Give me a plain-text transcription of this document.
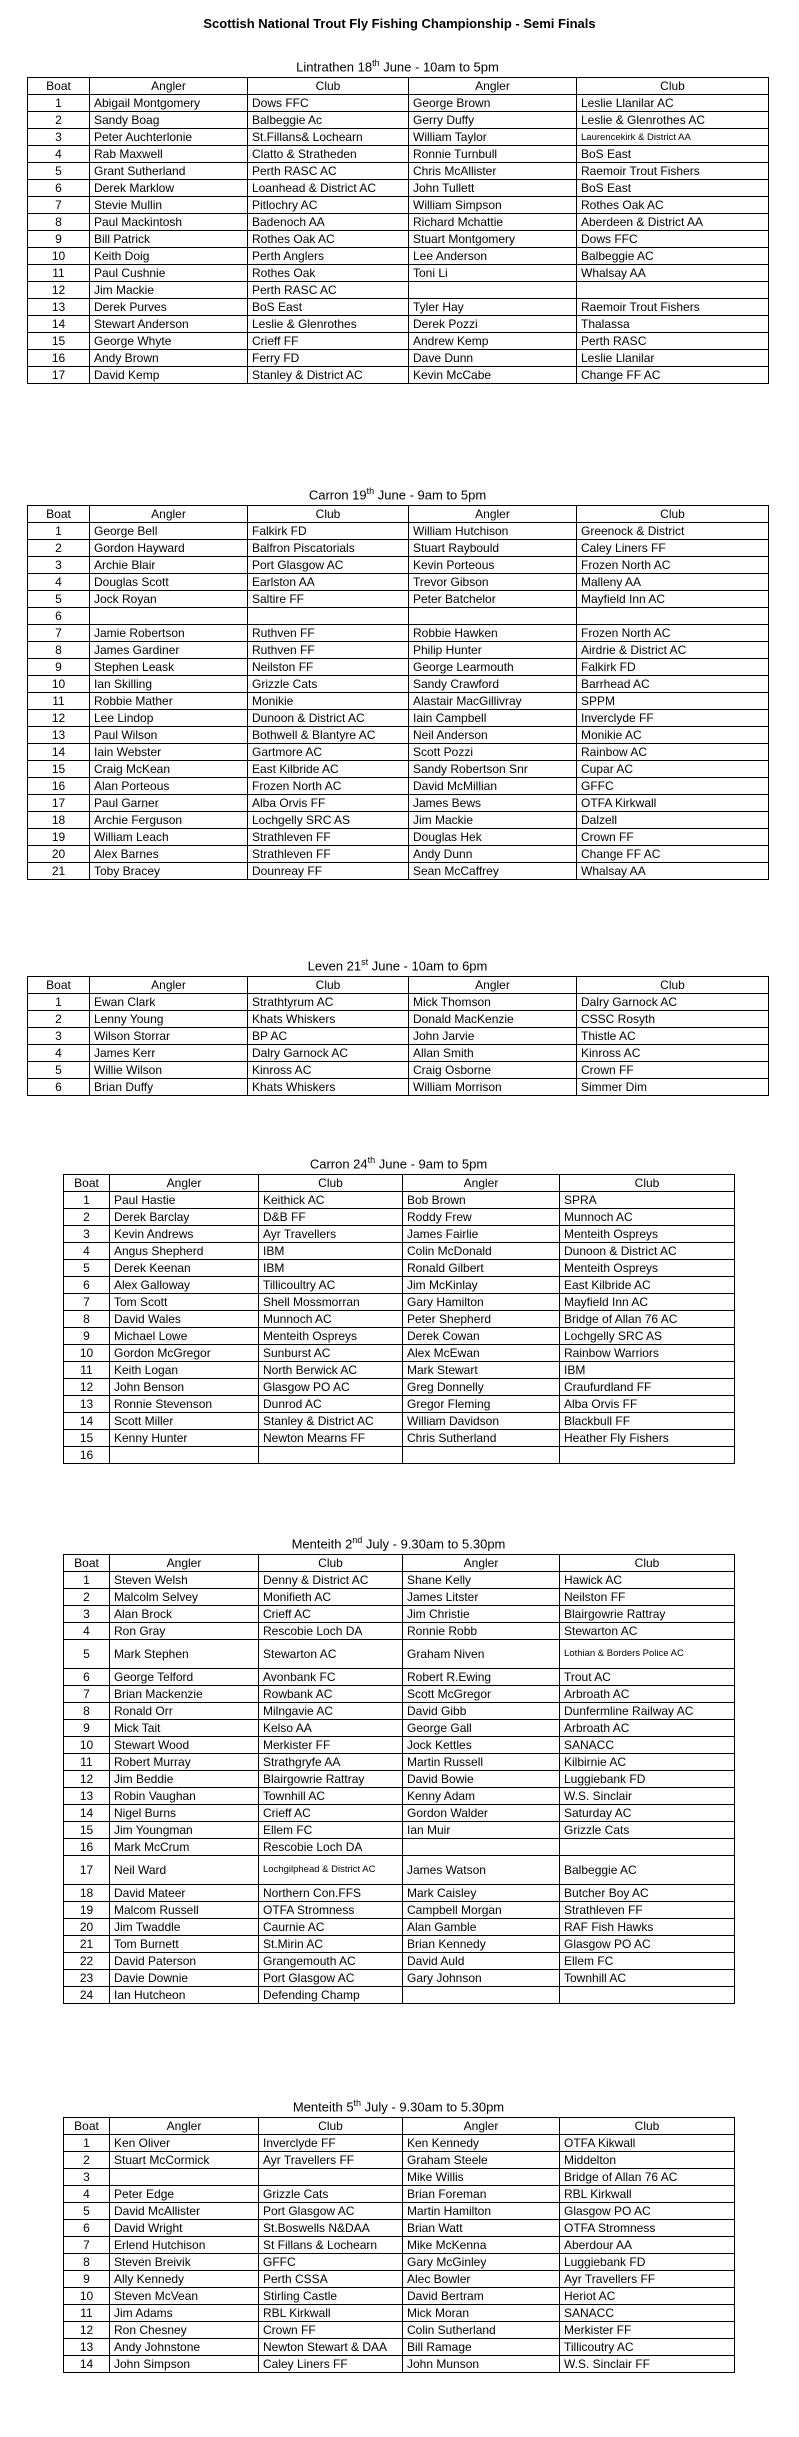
Scottish National Trout Fly Fishing Championship - Semi Finals
Lintrathen 18th June - 10am to 5pm
Boat	Angler	Club	Angler	Club
1	Abigail Montgomery	Dows FFC	George Brown	Leslie Llanilar AC
2	Sandy Boag	Balbeggie Ac	Gerry Duffy	Leslie & Glenrothes AC
3	Peter Auchterlonie	St.Fillans& Lochearn	William Taylor	Laurencekirk & District AA
4	Rab Maxwell	Clatto & Stratheden	Ronnie Turnbull	BoS East
5	Grant Sutherland	Perth RASC AC	Chris McAllister	Raemoir Trout Fishers
6	Derek Marklow	Loanhead & District AC	John Tullett	BoS East
7	Stevie Mullin	Pitlochry AC	William Simpson	Rothes Oak AC
8	Paul Mackintosh	Badenoch AA	Richard Mchattie	Aberdeen & District AA
9	Bill Patrick	Rothes Oak AC	Stuart Montgomery	Dows FFC
10	Keith Doig	Perth Anglers	Lee Anderson	Balbeggie AC
11	Paul Cushnie	Rothes Oak	Toni Li	Whalsay AA
12	Jim Mackie	Perth RASC AC		
13	Derek Purves	BoS East	Tyler Hay	Raemoir Trout Fishers
14	Stewart Anderson	Leslie & Glenrothes	Derek Pozzi	Thalassa
15	George Whyte	Crieff FF	Andrew Kemp	Perth RASC
16	Andy Brown	Ferry FD	Dave Dunn	Leslie Llanilar
17	David Kemp	Stanley & District AC	Kevin McCabe	Change FF AC
Carron 19th June - 9am to 5pm
Boat	Angler	Club	Angler	Club
1	George Bell	Falkirk FD	William Hutchison	Greenock & District
2	Gordon Hayward	Balfron Piscatorials	Stuart Raybould	Caley Liners FF
3	Archie Blair	Port Glasgow AC	Kevin Porteous	Frozen North AC
4	Douglas Scott	Earlston AA	Trevor Gibson	Malleny AA
5	Jock Royan	Saltire FF	Peter Batchelor	Mayfield Inn AC
6				
7	Jamie Robertson	Ruthven FF	Robbie Hawken	Frozen North AC
8	James Gardiner	Ruthven FF	Philip Hunter	Airdrie & District AC
9	Stephen Leask	Neilston FF	George Learmouth	Falkirk FD
10	Ian Skilling	Grizzle Cats	Sandy Crawford	Barrhead AC
11	Robbie Mather	Monikie	Alastair MacGillivray	SPPM
12	Lee Lindop	Dunoon & District AC	Iain Campbell	Inverclyde FF
13	Paul Wilson	Bothwell & Blantyre AC	Neil Anderson	Monikie AC
14	Iain Webster	Gartmore AC	Scott Pozzi	Rainbow AC
15	Craig McKean	East Kilbride AC	Sandy Robertson Snr	Cupar AC
16	Alan Porteous	Frozen North AC	David McMillian	GFFC
17	Paul Garner	Alba Orvis FF	James Bews	OTFA Kirkwall
18	Archie Ferguson	Lochgelly SRC AS	Jim Mackie	Dalzell
19	William Leach	Strathleven FF	Douglas Hek	Crown FF
20	Alex Barnes	Strathleven FF	Andy Dunn	Change FF AC
21	Toby Bracey	Dounreay FF	Sean McCaffrey	Whalsay AA
Leven 21st June - 10am to 6pm
Boat	Angler	Club	Angler	Club
1	Ewan Clark	Strathtyrum AC	Mick Thomson	Dalry Garnock AC
2	Lenny Young	Khats Whiskers	Donald MacKenzie	CSSC Rosyth
3	Wilson Storrar	BP AC	John Jarvie	Thistle AC
4	James Kerr	Dalry Garnock AC	Allan Smith	Kinross AC
5	Willie Wilson	Kinross AC	Craig Osborne	Crown FF
6	Brian Duffy	Khats Whiskers	William Morrison	Simmer Dim
Carron 24th June - 9am to 5pm
Boat	Angler	Club	Angler	Club
1	Paul Hastie	Keithick AC	Bob Brown	SPRA
2	Derek Barclay	D&B FF	Roddy Frew	Munnoch AC
3	Kevin Andrews	Ayr Travellers	James Fairlie	Menteith Ospreys
4	Angus Shepherd	IBM	Colin McDonald	Dunoon & District AC
5	Derek Keenan	IBM	Ronald Gilbert	Menteith Ospreys
6	Alex Galloway	Tillicoultry AC	Jim McKinlay	East Kilbride AC
7	Tom Scott	Shell Mossmorran	Gary Hamilton	Mayfield Inn AC
8	David Wales	Munnoch AC	Peter Shepherd	Bridge of Allan 76 AC
9	Michael Lowe	Menteith Ospreys	Derek Cowan	Lochgelly SRC AS
10	Gordon McGregor	Sunburst AC	Alex McEwan	Rainbow Warriors
11	Keith Logan	North Berwick AC	Mark Stewart	IBM
12	John Benson	Glasgow PO AC	Greg Donnelly	Craufurdland FF
13	Ronnie Stevenson	Dunrod AC	Gregor Fleming	Alba Orvis FF
14	Scott Miller	Stanley & District AC	William Davidson	Blackbull FF
15	Kenny Hunter	Newton Mearns FF	Chris Sutherland	Heather Fly Fishers
16				
Menteith 2nd July - 9.30am to 5.30pm
Boat	Angler	Club	Angler	Club
1	Steven Welsh	Denny & District AC	Shane Kelly	Hawick AC
2	Malcolm Selvey	Monifieth AC	James Litster	Neilston FF
3	Alan Brock	Crieff AC	Jim Christie	Blairgowrie Rattray
4	Ron Gray	Rescobie Loch DA	Ronnie Robb	Stewarton AC
5	Mark Stephen	Stewarton AC	Graham Niven	Lothian & Borders Police AC
6	George Telford	Avonbank FC	Robert R.Ewing	Trout AC
7	Brian Mackenzie	Rowbank AC	Scott McGregor	Arbroath AC
8	Ronald Orr	Milngavie AC	David Gibb	Dunfermline Railway AC
9	Mick Tait	Kelso AA	George Gall	Arbroath AC
10	Stewart Wood	Merkister FF	Jock Kettles	SANACC
11	Robert Murray	Strathgryfe AA	Martin Russell	Kilbirnie AC
12	Jim Beddie	Blairgowrie Rattray	David Bowie	Luggiebank FD
13	Robin Vaughan	Townhill AC	Kenny Adam	W.S. Sinclair
14	Nigel Burns	Crieff AC	Gordon Walder	Saturday AC
15	Jim Youngman	Ellem FC	Ian Muir	Grizzle Cats
16	Mark McCrum	Rescobie Loch DA		
17	Neil Ward	Lochgilphead & District AC	James Watson	Balbeggie AC
18	David Mateer	Northern Con.FFS	Mark Caisley	Butcher Boy AC
19	Malcom Russell	OTFA Stromness	Campbell Morgan	Strathleven FF
20	Jim Twaddle	Caurnie AC	Alan Gamble	RAF Fish Hawks
21	Tom Burnett	St.Mirin AC	Brian Kennedy	Glasgow PO AC
22	David Paterson	Grangemouth AC	David Auld	Ellem FC
23	Davie Downie	Port Glasgow AC	Gary Johnson	Townhill AC
24	Ian Hutcheon	Defending Champ		
Menteith 5th July - 9.30am to 5.30pm
Boat	Angler	Club	Angler	Club
1	Ken Oliver	Inverclyde FF	Ken Kennedy	OTFA Kikwall
2	Stuart McCormick	Ayr Travellers FF	Graham Steele	Middelton
3			Mike Willis	Bridge of Allan 76 AC
4	Peter Edge	Grizzle Cats	Brian Foreman	RBL Kirkwall
5	David McAllister	Port Glasgow AC	Martin Hamilton	Glasgow PO AC
6	David Wright	St.Boswells N&DAA	Brian Watt	OTFA Stromness
7	Erlend Hutchison	St Fillans & Lochearn	Mike McKenna	Aberdour AA
8	Steven Breivik	GFFC	Gary McGinley	Luggiebank FD
9	Ally Kennedy	Perth CSSA	Alec Bowler	Ayr Travellers FF
10	Steven McVean	Stirling Castle	David Bertram	Heriot AC
11	Jim Adams	RBL Kirkwall	Mick Moran	SANACC
12	Ron Chesney	Crown FF	Colin Sutherland	Merkister FF
13	Andy Johnstone	Newton Stewart & DAA	Bill Ramage	Tillicoutry AC
14	John Simpson	Caley Liners FF	John Munson	W.S. Sinclair FF
